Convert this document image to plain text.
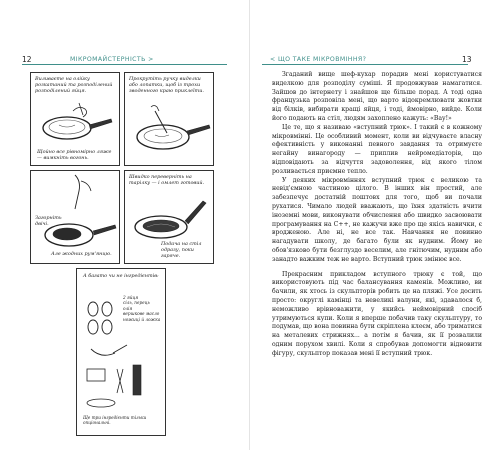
12	МІКРОМАЙСТЕРНІСТЬ >
Виливаєте на олійку розкатаний та розподілений розподілений яйця.
Щойно все рівномірно ляже — вимкніть вогонь.
Прокрутіть ручку виделки або лопатки, щоб із трохи зводенного краю приклеїти.
Загорніть двічі.
Але жодних рум'янцю.
Швидко переверніть на тарілку — і омлет готовий.
Подача на стіл одразу, поки гаряче.
А багато чи не інгредієнтів:
2 яйця
сіль, перець
олія
вершкове масло
ножиці й ложка
Ще три інгредієнти тільки опціональні.
< ЩО ТАКЕ МІКРОВМІННЯ?	13

Згаданий вище шеф-кухар порадив мені користуватися виделкою для розподілу суміші. Я продовжував намагатися. Зайшов до інтернету і знайшов ще більше порад. А тоді одна французька розповіла мені, що варто відокремлювати жовтки від білків, вибирати кращі яйця, і тоді, ймовірно, вийде. Коли його подають на стіл, людям захоплено кажуть: «Вау!»

Це те, що я називаю «вступний трюк». І такий є в кожному мікровмінні. Це особливий момент, коли ви відчуваєте власну ефективність у виконанні певного завдання та отримуєте негайну винагороду — приплив нейромедіаторів, що відповідають за відчуття задоволення, від якого тілом розливається приємне тепло.

У деяких мікровміннях вступний трюк є великою та невід'ємною частиною цілого. В інших він простий, але забезпечує достатній поштовх для того, щоб ви почали рухатися. Чимало людей вважають, що їхня здатність вчити іноземні мови, виконувати обчислення або швидко засвоювати програмування на C++, не кажучи вже про ще якісь навички, є вродженою. Але ні, не все так. Навчання не повинно нагадувати школу, де багато були як нудним. Йому не обов'язково бути безглуздо веселим, але гнітючим, нудним або занадто важким теж не варто. Вступний трюк змінює все.

Прекрасним прикладом вступного трюку є той, що використовують під час балансування каменів. Можливо, ви бачили, як хтось із скульпторів робить це на пляжі. Усе досить просто: округлі камінці та невеликі валуни, які, здавалося б, неможливо врівноважити, у якийсь неймовірний спосіб утримуються купи. Коли я вперше побачив таку скульптуру, то подумав, що вона повинна бути скріплена клеєм, або триматися на металевих стрижнях... а потім я бачив, як її розвалили одним порухом хвилі. Коли я спробував допомогти відновити фігуру, скульптор показав мені її вступний трюк.
